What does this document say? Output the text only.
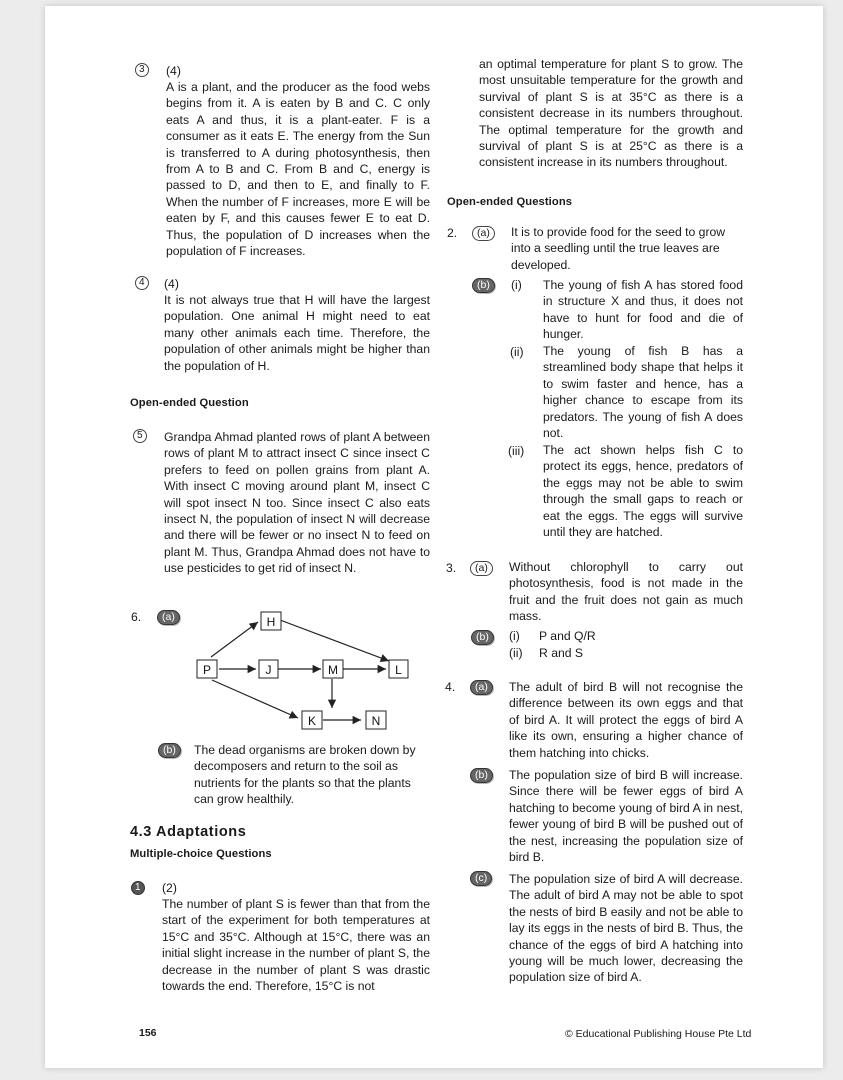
3	(4)
A is a plant, and the producer as the food webs begins from it. A is eaten by B and C. C only eats A and thus, it is a plant-eater. F is a consumer as it eats E. The energy from the Sun is transferred to A during photosynthesis, then from A to B and C. From B and C, energy is passed to D, and then to E, and finally to F. When the number of F increases, more E will be eaten by F, and this causes fewer E to eat D. Thus, the population of D increases when the population of F increases.
4	(4)
It is not always true that H will have the largest population. One animal H might need to eat many other animals each time. Therefore, the population of other animals might be higher than the population of H.
Open-ended Question
5	Grandpa Ahmad planted rows of plant A between rows of plant M to attract insect C since insect C prefers to feed on pollen grains from plant A. With insect C moving around plant M, insect C will spot insect N too. Since insect C also eats insect N, the population of insect N will decrease and there will be fewer or no insect N to feed on plant M. Thus, Grandpa Ahmad does not have to use pesticides to get rid of insect N.
6.	(a)
P
H
J	M	L
K	N
(b)	The dead organisms are broken down by decomposers and return to the soil as nutrients for the plants so that the plants can grow healthily.
4.3 Adaptations
Multiple-choice Questions
1	(2)
The number of plant S is fewer than that from the start of the experiment for both temperatures at 15°C and 35°C. Although at 15°C, there was an initial slight increase in the number of plant S, the decrease in the number of plant S was drastic towards the end. Therefore, 15°C is not
an optimal temperature for plant S to grow. The most unsuitable temperature for the growth and survival of plant S is at 35°C as there is a consistent decrease in its numbers throughout. The optimal temperature for the growth and survival of plant S is at 25°C as there is a consistent increase in its numbers throughout.
Open-ended Questions
2.	(a)	It is to provide food for the seed to grow into a seedling until the true leaves are developed.
(b)	(i) The young of fish A has stored food in structure X and thus, it does not have to hunt for food and die of hunger.
(ii) The young of fish B has a streamlined body shape that helps it to swim faster and hence, has a higher chance to escape from its predators. The young of fish A does not.
(iii) The act shown helps fish C to protect its eggs, hence, predators of the eggs may not be able to swim through the small gaps to reach or eat the eggs. The eggs will survive until they are hatched.
3.	(a)	Without chlorophyll to carry out photosynthesis, food is not made in the fruit and the fruit does not gain as much mass.
(b)	(i) P and Q/R
(ii) R and S
4.	(a)	The adult of bird B will not recognise the difference between its own eggs and that of bird A. It will protect the eggs of bird A like its own, ensuring a higher chance of them hatching into chicks.
(b)	The population size of bird B will increase. Since there will be fewer eggs of bird A hatching to become young of bird A in nest, fewer young of bird B will be pushed out of the nest, increasing the population size of bird B.
(c)	The population size of bird A will decrease. The adult of bird A may not be able to spot the nests of bird B easily and not be able to lay its eggs in the nests of bird B. Thus, the chance of the eggs of bird A hatching into young will be much lower, decreasing the population size of bird A.
156	© Educational Publishing House Pte Ltd
